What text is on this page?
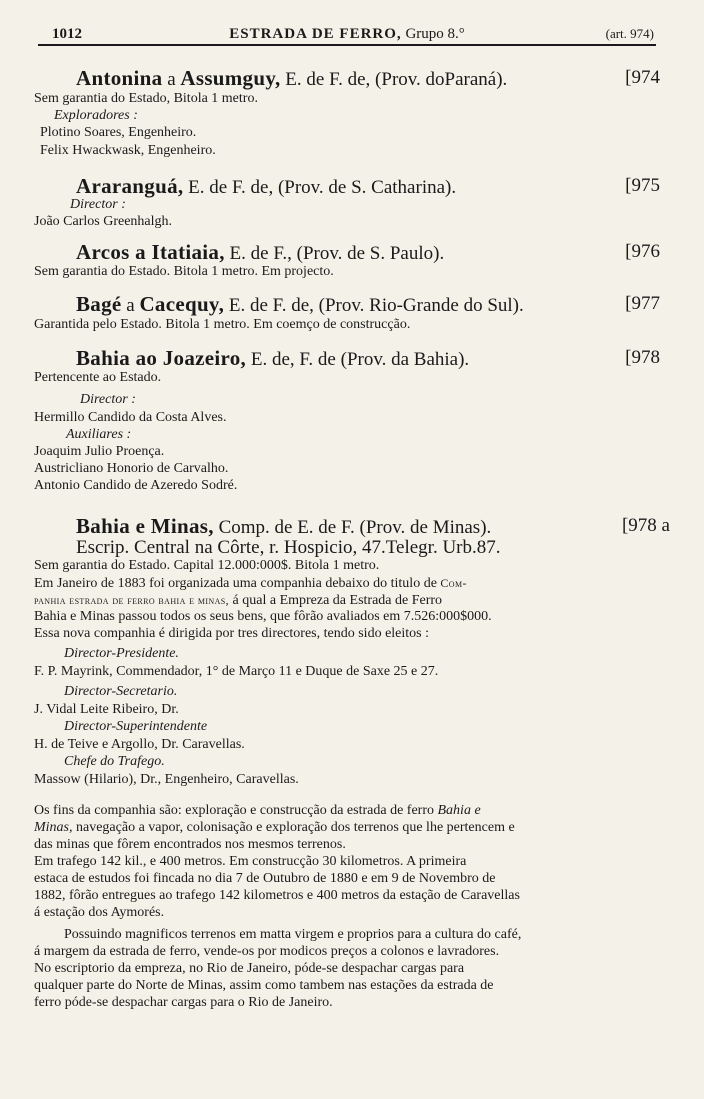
1012	ESTRADA DE FERRO, Grupo 8.°	(art. 974)
Antonina a Assumguy, E. de F. de, (Prov. doParaná).	[974
Sem garantia do Estado, Bitola 1 metro.
Exploradores :
Plotino Soares, Engenheiro.
Felix Hwackwask, Engenheiro.
Araranguá, E. de F. de, (Prov. de S. Catharina).	[975
Director :
João Carlos Greenhalgh.
Arcos a Itatiaia, E. de F., (Prov. de S. Paulo).	[976
Sem garantia do Estado. Bitola 1 metro. Em projecto.
Bagé a Cacequy, E. de F. de, (Prov. Rio-Grande do Sul).	[977
Garantida pelo Estado. Bitola 1 metro. Em coemço de construcção.
Bahia ao Joazeiro, E. de, F. de (Prov. da Bahia).	[978
Pertencente ao Estado.
Director :
Hermillo Candido da Costa Alves.
Auxiliares :
Joaquim Julio Proença.
Austricliano Honorio de Carvalho.
Antonio Candido de Azeredo Sodré.
Bahia e Minas, Comp. de E. de F. (Prov. de Minas).	[978 a
Escrip. Central na Côrte, r. Hospicio, 47.Telegr. Urb.87.
Sem garantia do Estado. Capital 12.000:000$. Bitola 1 metro.
Em Janeiro de 1883 foi organizada uma companhia debaixo do titulo de Com-
panhia estrada de ferro bahia e minas, á qual a Empreza da Estrada de Ferro
Bahia e Minas passou todos os seus bens, que fôrão avaliados em 7.526:000$000.
Essa nova companhia é dirigida por tres directores, tendo sido eleitos :
Director-Presidente.
F. P. Mayrink, Commendador, 1° de Março 11 e Duque de Saxe 25 e 27.
Director-Secretario.
J. Vidal Leite Ribeiro, Dr.
Director-Superintendente
H. de Teive e Argollo, Dr. Caravellas.
Chefe do Trafego.
Massow (Hilario), Dr., Engenheiro, Caravellas.
Os fins da companhia são: exploração e construcção da estrada de ferro Bahia e
Minas, navegação a vapor, colonisação e exploração dos terrenos que lhe pertencem e
das minas que fôrem encontrados nos mesmos terrenos.
Em trafego 142 kil., e 400 metros. Em construcção 30 kilometros. A primeira
estaca de estudos foi fincada no dia 7 de Outubro de 1880 e em 9 de Novembro de
1882, fôrão entregues ao trafego 142 kilometros e 400 metros da estação de Caravellas
á estação dos Aymorés.
Possuindo magnificos terrenos em matta virgem e proprios para a cultura do café,
á margem da estrada de ferro, vende-os por modicos preços a colonos e lavradores.
No escriptorio da empreza, no Rio de Janeiro, póde-se despachar cargas para
qualquer parte do Norte de Minas, assim como tambem nas estações da estrada de
ferro póde-se despachar cargas para o Rio de Janeiro.
